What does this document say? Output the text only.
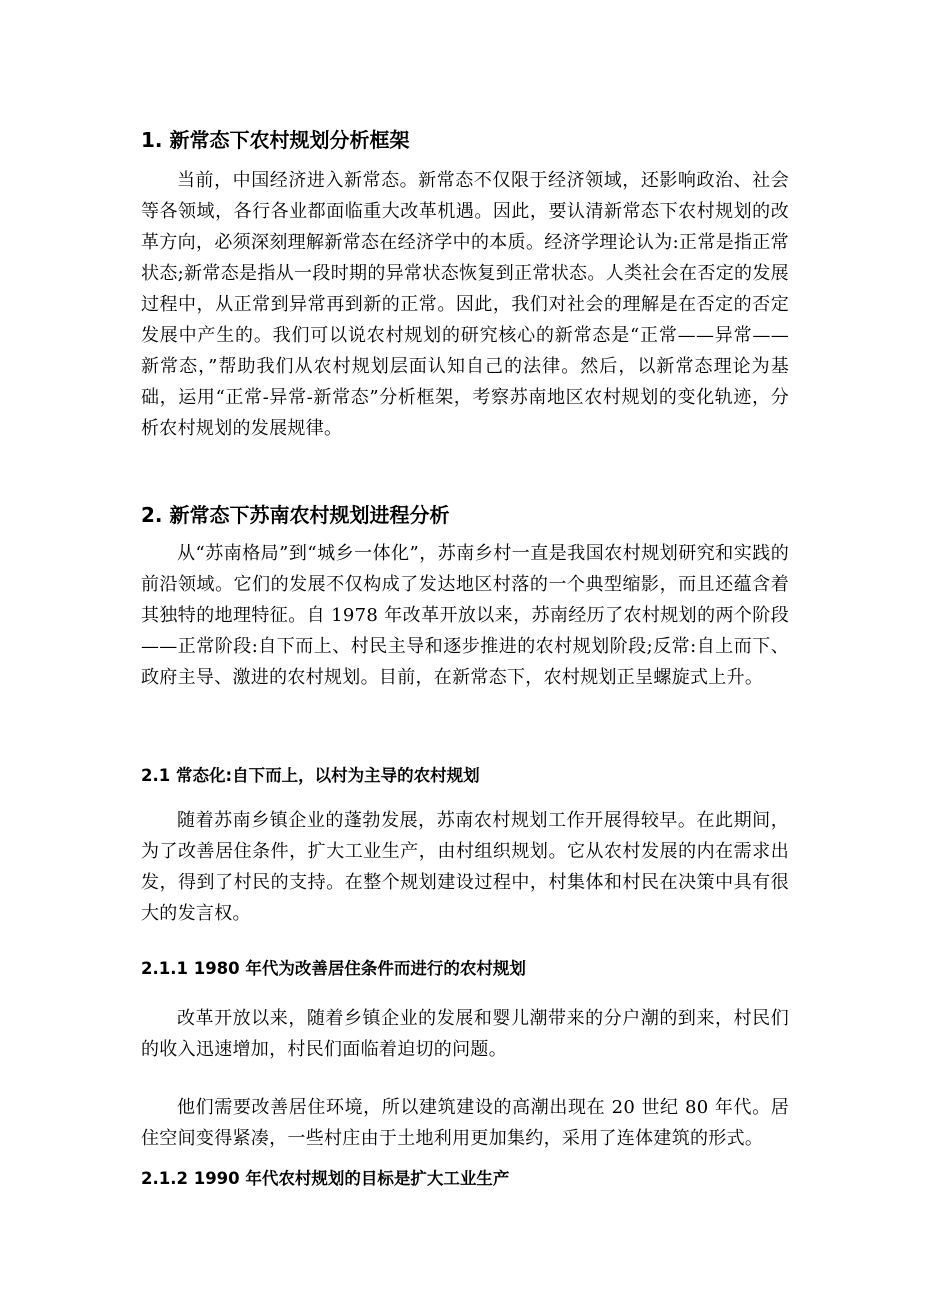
1. 新常态下农村规划分析框架

当前，中国经济进入新常态。新常态不仅限于经济领域，还影响政治、社会等各领域，各行各业都面临重大改革机遇。因此，要认清新常态下农村规划的改革方向，必须深刻理解新常态在经济学中的本质。经济学理论认为:正常是指正常状态;新常态是指从一段时期的异常状态恢复到正常状态。人类社会在否定的发展过程中，从正常到异常再到新的正常。因此，我们对社会的理解是在否定的否定发展中产生的。我们可以说农村规划的研究核心的新常态是“正常——异常——新常态，”帮助我们从农村规划层面认知自己的法律。然后，以新常态理论为基础，运用“正常-异常-新常态”分析框架，考察苏南地区农村规划的变化轨迹，分析农村规划的发展规律。

2. 新常态下苏南农村规划进程分析

从“苏南格局”到“城乡一体化”，苏南乡村一直是我国农村规划研究和实践的前沿领域。它们的发展不仅构成了发达地区村落的一个典型缩影，而且还蕴含着其独特的地理特征。自 1978 年改革开放以来，苏南经历了农村规划的两个阶段——正常阶段:自下而上、村民主导和逐步推进的农村规划阶段;反常:自上而下、政府主导、激进的农村规划。目前，在新常态下，农村规划正呈螺旋式上升。

2.1 常态化:自下而上，以村为主导的农村规划

随着苏南乡镇企业的蓬勃发展，苏南农村规划工作开展得较早。在此期间，为了改善居住条件，扩大工业生产，由村组织规划。它从农村发展的内在需求出发，得到了村民的支持。在整个规划建设过程中，村集体和村民在决策中具有很大的发言权。

2.1.1 1980 年代为改善居住条件而进行的农村规划

改革开放以来，随着乡镇企业的发展和婴儿潮带来的分户潮的到来，村民们的收入迅速增加，村民们面临着迫切的问题。

他们需要改善居住环境，所以建筑建设的高潮出现在 20 世纪 80 年代。居住空间变得紧凑，一些村庄由于土地利用更加集约，采用了连体建筑的形式。

2.1.2 1990 年代农村规划的目标是扩大工业生产
